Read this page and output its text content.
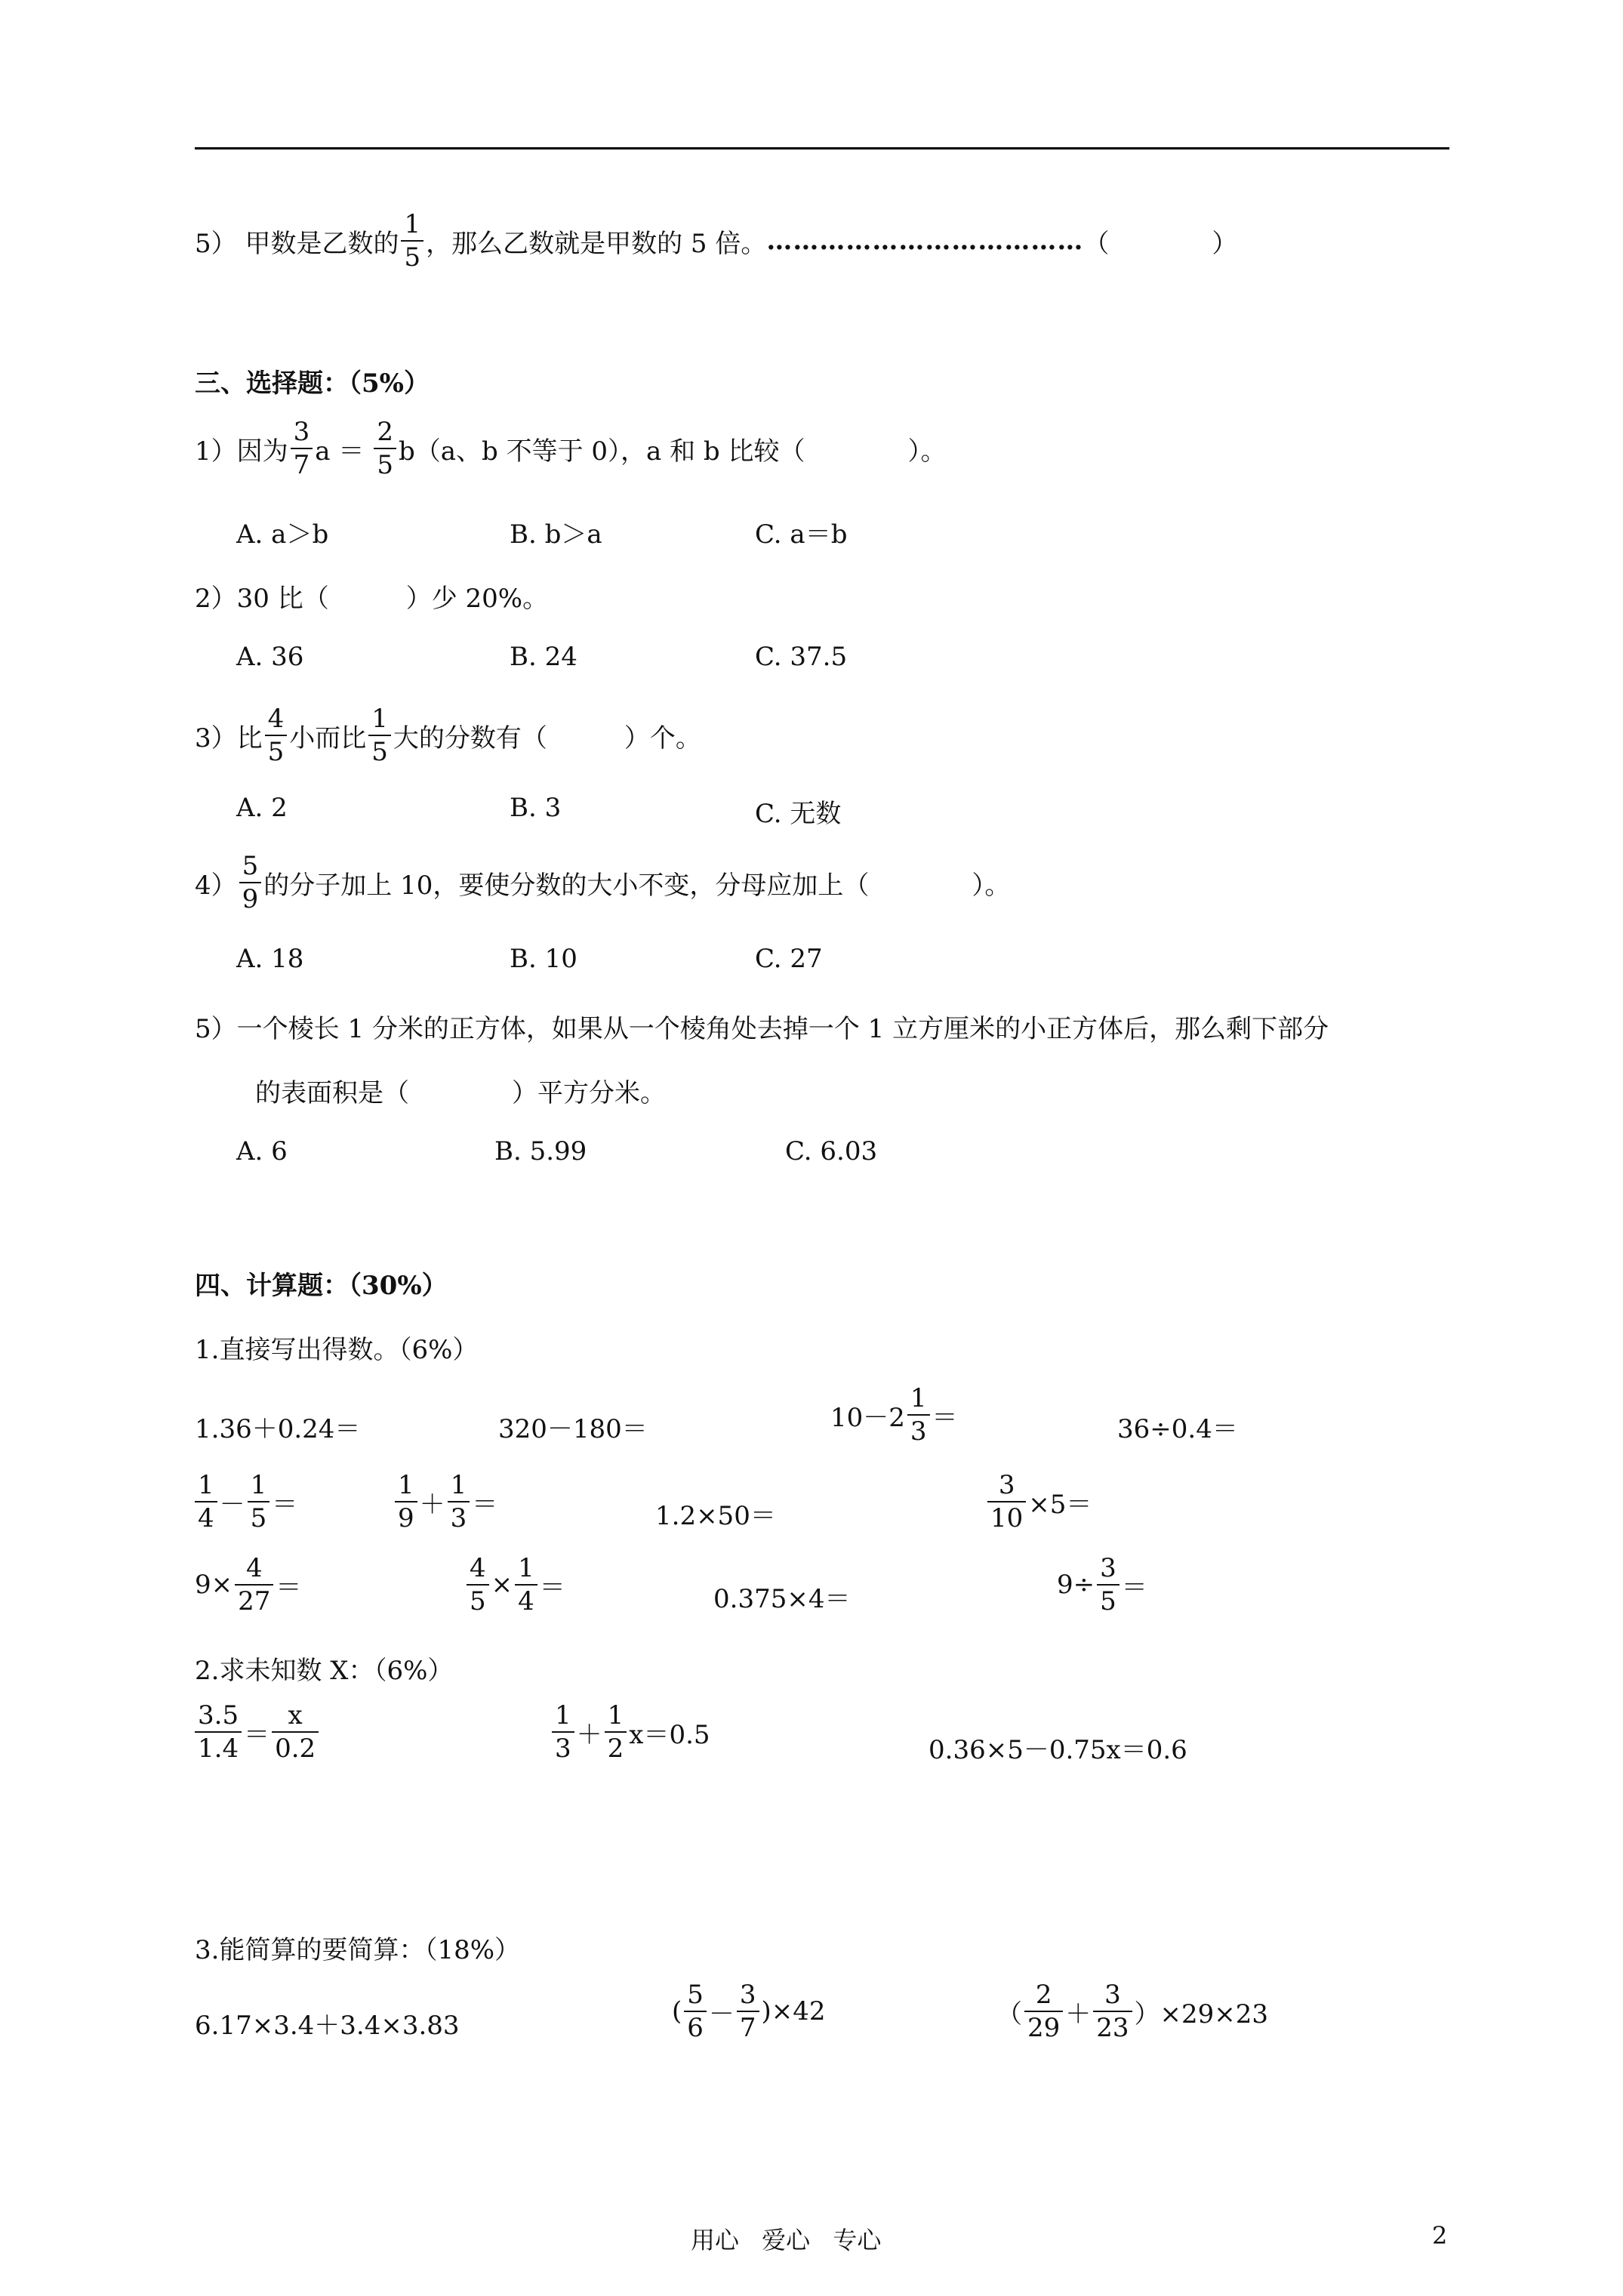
5） 甲数是乙数的 $\frac{1}{5}$ ，那么乙数就是甲数的 5 倍。 ……………………………… （　　　　）
三、选择题：（5%）
1）因为 $\frac{3}{7}$ $a = \frac{2}{5} b(a$、b 不等于 0），a 和 b 比较（　　　　）。
A. a＞b	B. b＞a	C. a＝b
2）30 比（　　　）少 20%。
A. 36	B. 24	C. 37.5
3）比 $\frac{4}{5}$ 小而比 $\frac{1}{5}$ 大的分数有（　　　）个。
A. 2	B. 3	C. 无数
$4) \frac{5}{9}$ 的分子加上 10，要使分数的大小不变，分母应加上（　　　　）。
A. 18	B. 10	C. 27
5）一个棱长 1 分米的正方体，如果从一个棱角处去掉一个 1 立方厘米的小正方体后，那么剩下部分
的表面积是（　　　　）平方分米。
A. 6	B. 5.99	C. 6.03
四、计算题：（30%）
1.直接写出得数。（6%）
1.36＋0.24＝	320－180＝	$10-2 \frac{1}{3}$ ＝	36÷0.4＝
$\frac{1}{4} - \frac{1}{5}$ ＝	$\frac{1}{9} + \frac{1}{3}$ ＝	1.2×50＝	$\frac{3}{10} \times 5=$
$9\times \frac{4}{27}$ ＝	$\frac{4}{5} \times \frac{1}{4}$ ＝	0.375×4＝	$9\div \frac{3}{5}$ ＝
2.求未知数 X：（6%）
$\frac{3.5}{1.4} = \frac{x}{0.2}$	$\frac{1}{3} + \frac{1}{2} x=0.5$
0.36×5－0.75x＝0.6
3.能简算的要简算：（18%）
6.17×3.4＋3.4×3.83	( $\frac{5}{6} - \frac{3}{7} )\times 42$	（ $\frac{2}{29} + \frac{3}{23} )\times 29\times 23$
用心 爱心 专心	2
